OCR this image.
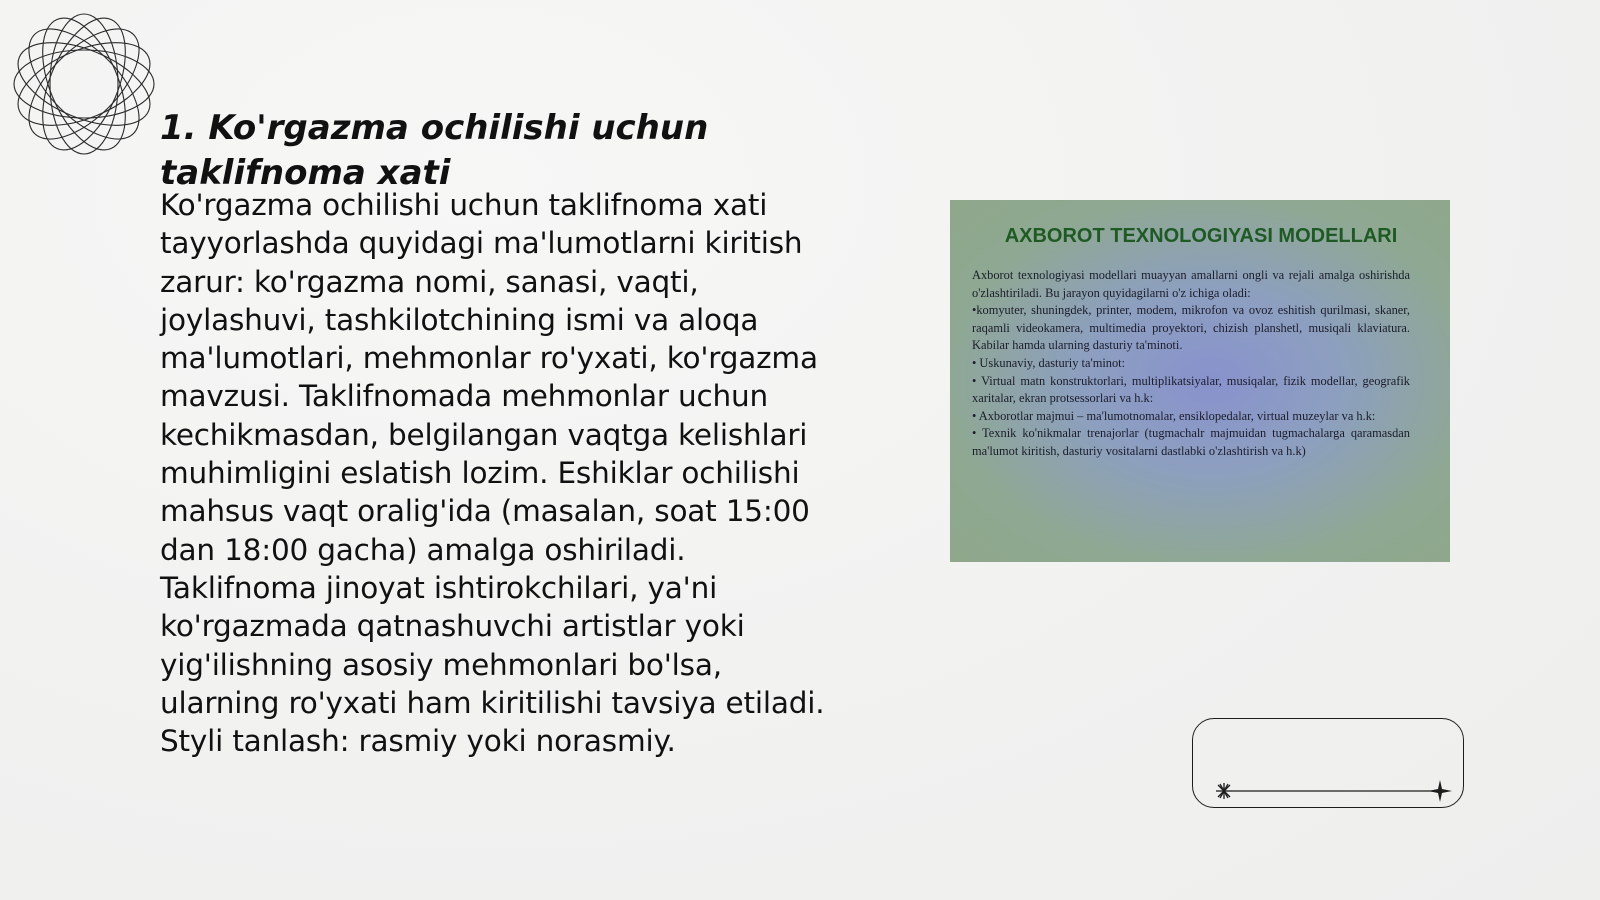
1. Ko'rgazma ochilishi uchun taklifnoma xati

Ko'rgazma ochilishi uchun taklifnoma xati tayyorlashda quyidagi ma'lumotlarni kiritish zarur: ko'rgazma nomi, sanasi, vaqti, joylashuvi, tashkilotchining ismi va aloqa ma'lumotlari, mehmonlar ro'yxati, ko'rgazma mavzusi. Taklifnomada mehmonlar uchun kechikmasdan, belgilangan vaqtga kelishlari muhimligini eslatish lozim. Eshiklar ochilishi mahsus vaqt oralig'ida (masalan, soat 15:00 dan 18:00 gacha) amalga oshiriladi. Taklifnoma jinoyat ishtirokchilari, ya'ni ko'rgazmada qatnashuvchi artistlar yoki yig'ilishning asosiy mehmonlari bo'lsa, ularning ro'yxati ham kiritilishi tavsiya etiladi. Styli tanlash: rasmiy yoki norasmiy.

AXBOROT TEXNOLOGIYASI MODELLARI

Axborot texnologiyasi modellari muayyan amallarni ongli va rejali amalga oshirishda o'zlashtiriladi. Bu jarayon quyidagilarni o'z ichiga oladi:

•komyuter, shuningdek, printer, modem, mikrofon va ovoz eshitish qurilmasi, skaner, raqamli videokamera, multimedia proyektori, chizish planshetl, musiqali klaviatura. Kabilar hamda ularning dasturiy ta'minoti.

• Uskunaviy, dasturiy ta'minot:

• Virtual matn konstruktorlari, multiplikatsiyalar, musiqalar, fizik modellar, geografik xaritalar, ekran protsessorlari va h.k:

• Axborotlar majmui – ma'lumotnomalar, ensiklopedalar, virtual muzeylar va h.k:

• Texnik ko'nikmalar trenajorlar (tugmachalr majmuidan tugmachalarga qaramasdan ma'lumot kiritish, dasturiy vositalarni dastlabki o'zlashtirish va h.k)
